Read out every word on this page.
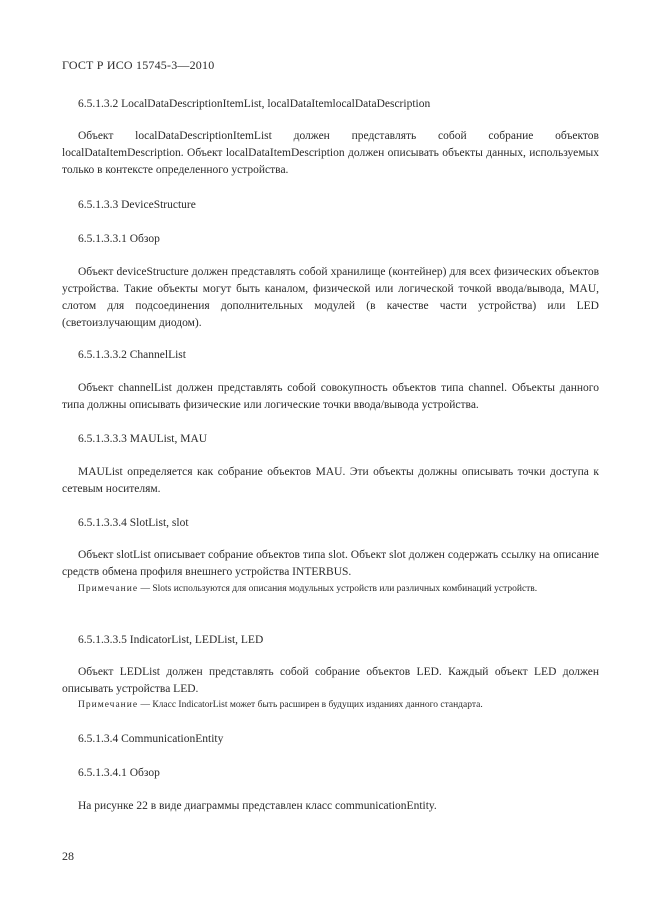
ГОСТ Р ИСО 15745-3—2010
6.5.1.3.2 LocalDataDescriptionItemList, localDataItemlocalDataDescription

Объект localDataDescriptionItemList должен представлять собой собрание объектов localDataItemDescription. Объект localDataItemDescription должен описывать объекты данных, используемых только в контексте определенного устройства.

6.5.1.3.3 DeviceStructure
6.5.1.3.3.1 Обзор

Объект deviceStructure должен представлять собой хранилище (контейнер) для всех физических объектов устройства. Такие объекты могут быть каналом, физической или логической точкой ввода/вывода, MAU, слотом для подсоединения дополнительных модулей (в качестве части устройства) или LED (светоизлучающим диодом).

6.5.1.3.3.2 ChannelList

Объект channelList должен представлять собой совокупность объектов типа channel. Объекты данного типа должны описывать физические или логические точки ввода/вывода устройства.

6.5.1.3.3.3 MAUList, MAU

MAUList определяется как собрание объектов MAU. Эти объекты должны описывать точки доступа к сетевым носителям.

6.5.1.3.3.4 SlotList, slot

Объект slotList описывает собрание объектов типа slot. Объект slot должен содержать ссылку на описание средств обмена профиля внешнего устройства INTERBUS.

Примечание — Slots используются для описания модульных устройств или различных комбинаций устройств.

6.5.1.3.3.5 IndicatorList, LEDList, LED

Объект LEDList должен представлять собой собрание объектов LED. Каждый объект LED должен описывать устройства LED.

Примечание — Класс IndicatorList может быть расширен в будущих изданиях данного стандарта.

6.5.1.3.4 CommunicationEntity
6.5.1.3.4.1 Обзор

На рисунке 22 в виде диаграммы представлен класс communicationEntity.

28
